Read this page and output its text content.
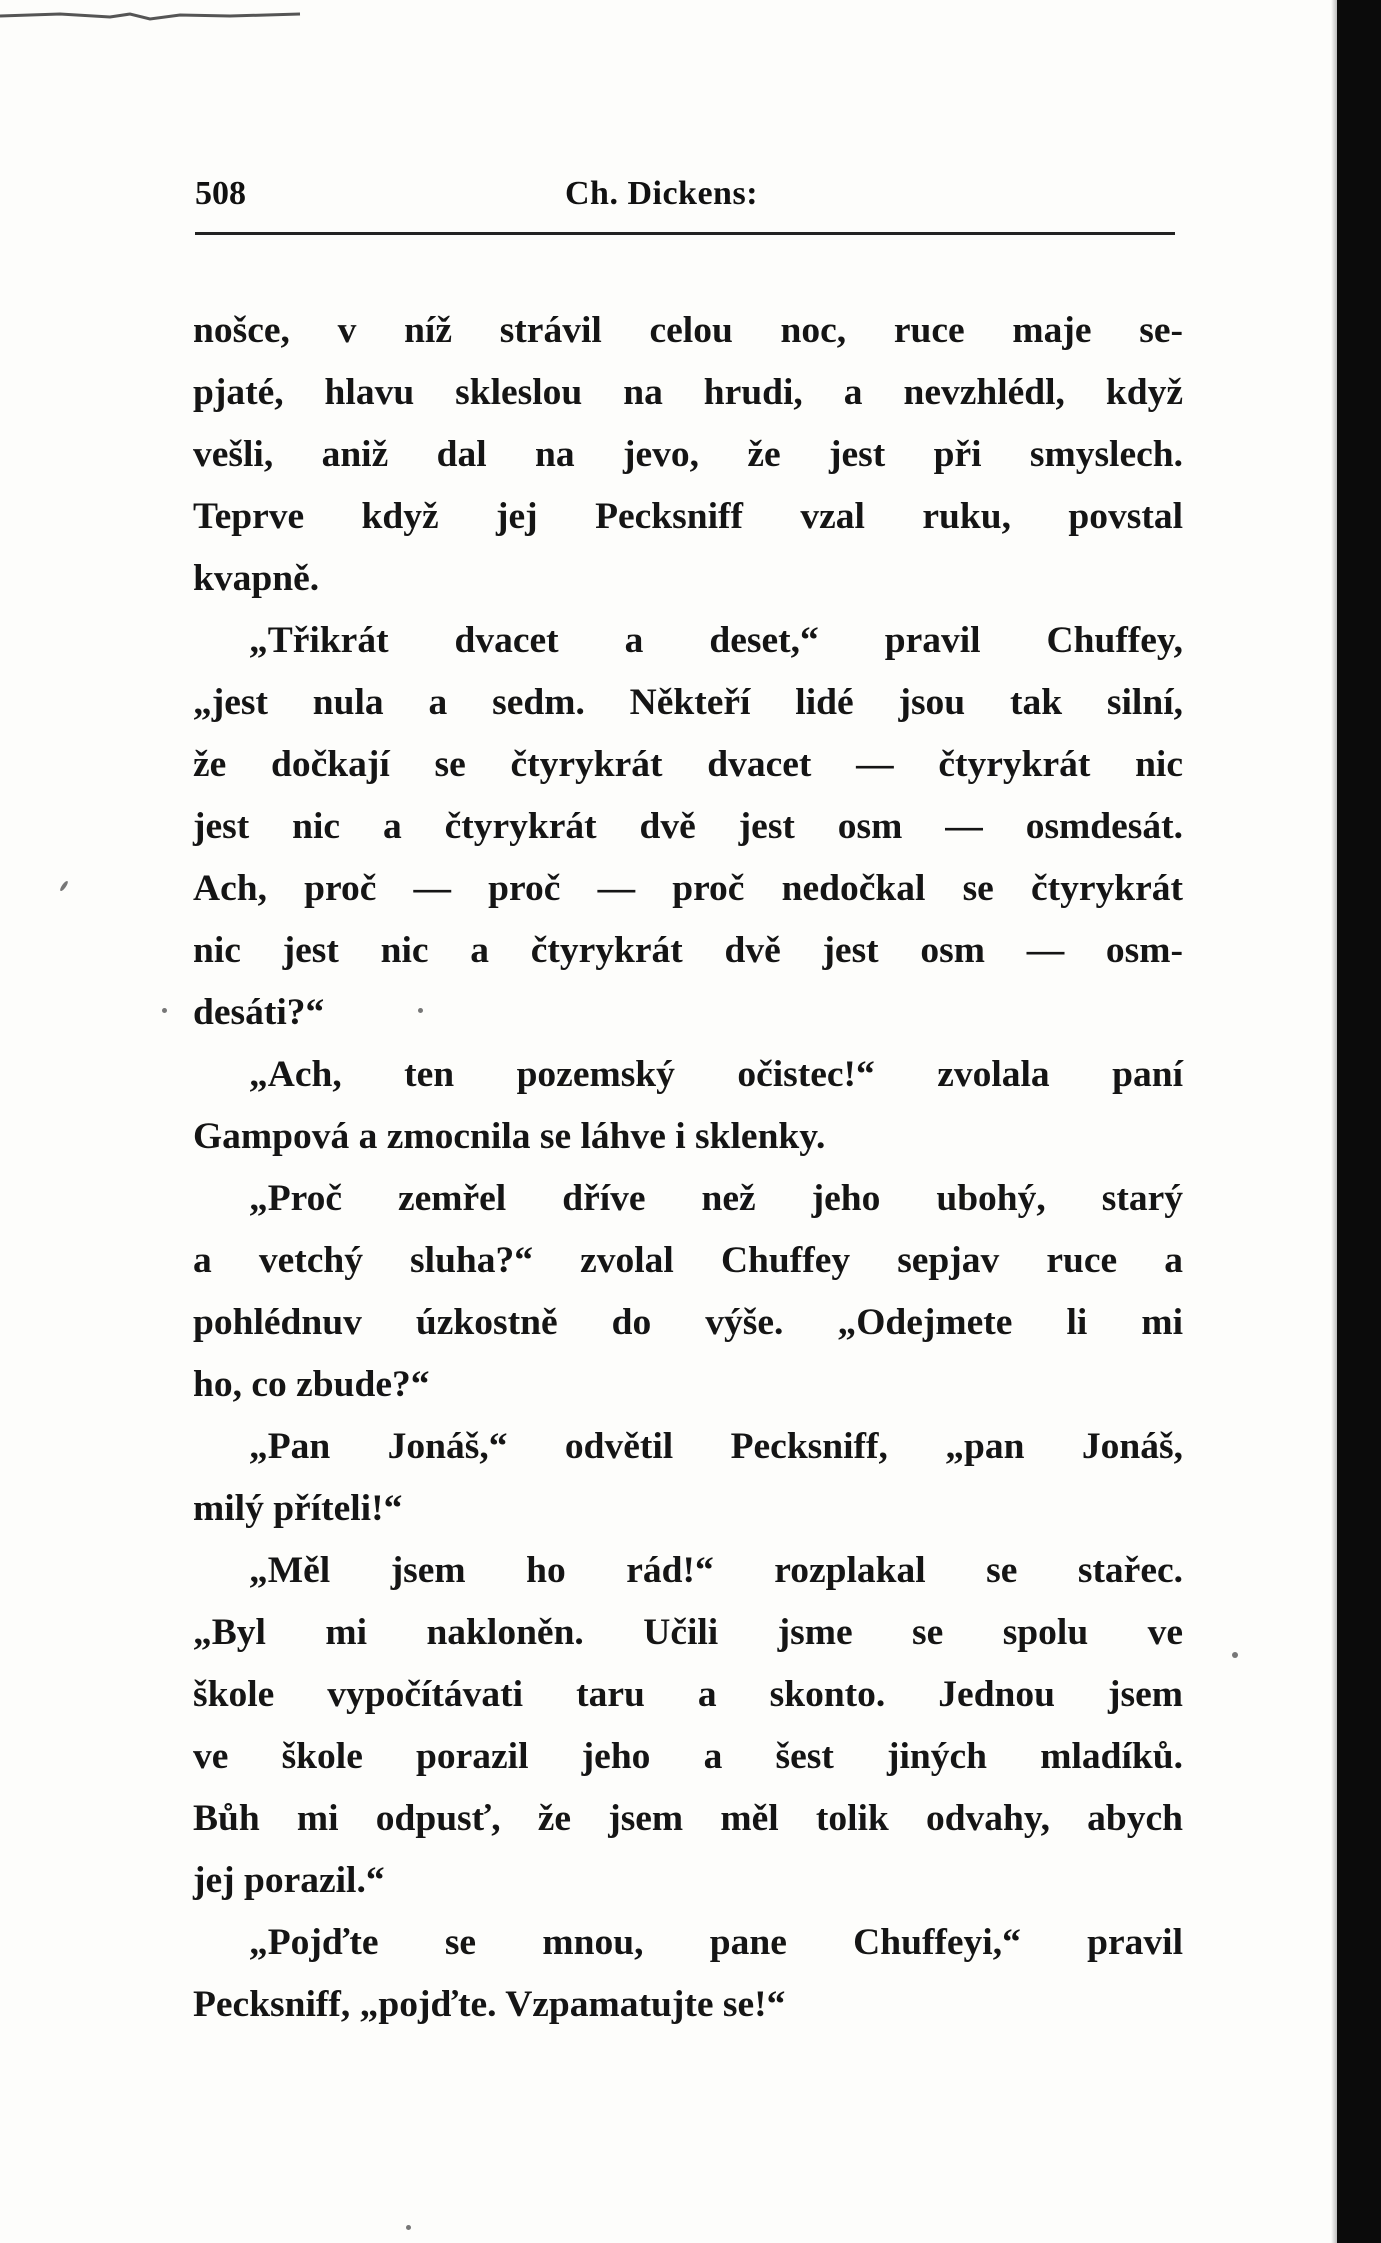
508	Ch. Dickens:
nošce, v níž strávil celou noc, ruce maje se-
pjaté, hlavu skleslou na hrudi, a nevzhlédl, když
vešli, aniž dal na jevo, že jest při smyslech.
Teprve když jej Pecksniff vzal ruku, povstal
kvapně.
„Třikrát dvacet a deset,“ pravil Chuffey,
„jest nula a sedm. Někteří lidé jsou tak silní,
že dočkají se čtyrykrát dvacet — čtyrykrát nic
jest nic a čtyrykrát dvě jest osm — osmdesát.
Ach, proč — proč — proč nedočkal se čtyrykrát
nic jest nic a čtyrykrát dvě jest osm — osm-
desáti?“
„Ach, ten pozemský očistec!“ zvolala paní
Gampová a zmocnila se láhve i sklenky.
„Proč zemřel dříve než jeho ubohý, starý
a vetchý sluha?“ zvolal Chuffey sepjav ruce a
pohlédnuv úzkostně do výše. „Odejmete li mi
ho, co zbude?“
„Pan Jonáš,“ odvětil Pecksniff, „pan Jonáš,
milý příteli!“
„Měl jsem ho rád!“ rozplakal se stařec.
„Byl mi nakloněn. Učili jsme se spolu ve
škole vypočítávati taru a skonto. Jednou jsem
ve škole porazil jeho a šest jiných mladíků.
Bůh mi odpusť, že jsem měl tolik odvahy, abych
jej porazil.“
„Pojďte se mnou, pane Chuffeyi,“ pravil
Pecksniff, „pojďte. Vzpamatujte se!“
